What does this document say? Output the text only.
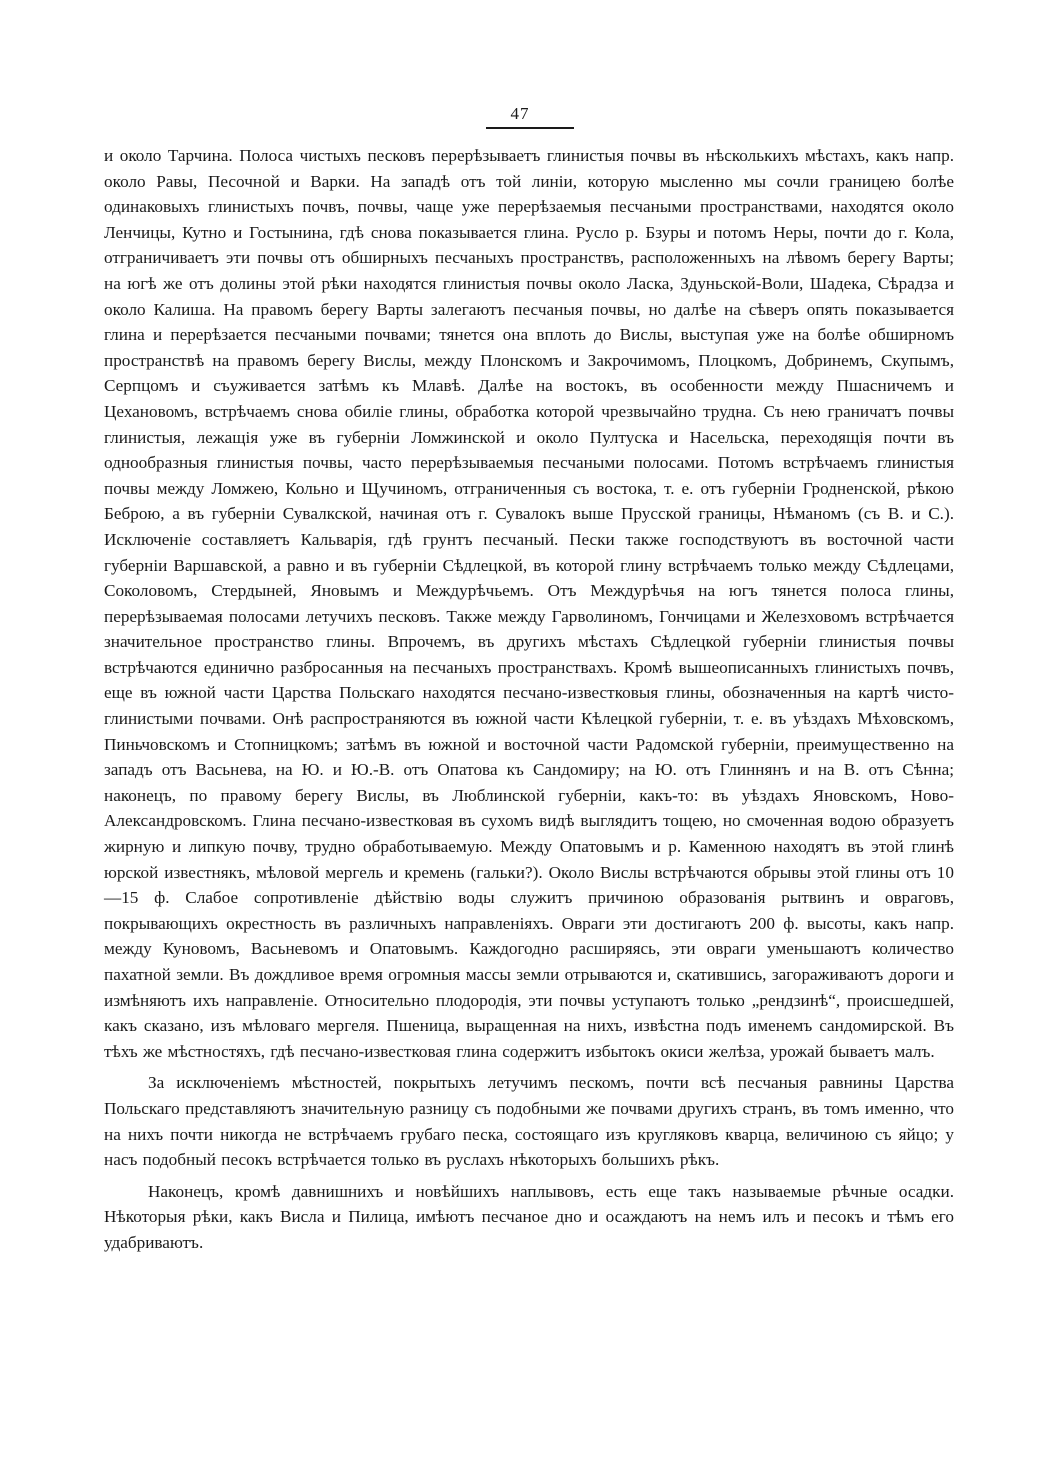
47

и около Тарчина. Полоса чистыхъ песковъ перерѣзываетъ глинистыя почвы въ нѣсколькихъ мѣстахъ, какъ напр. около Равы, Песочной и Варки. На западѣ отъ той линіи, которую мысленно мы сочли границею болѣе одинаковыхъ глинистыхъ почвъ, почвы, чаще уже перерѣзаемыя песчаными пространствами, находятся около Ленчицы, Кутно и Гостынина, гдѣ снова показывается глина. Русло р. Бзуры и потомъ Неры, почти до г. Кола, отграничиваетъ эти почвы отъ обширныхъ песчаныхъ пространствъ, расположенныхъ на лѣвомъ берегу Варты; на югѣ же отъ долины этой рѣки находятся глинистыя почвы около Ласка, Здуньской-Воли, Шадека, Сѣрадза и около Калиша. На правомъ берегу Варты залегаютъ песчаныя почвы, но далѣе на сѣверъ опять показывается глина и перерѣзается песчаными почвами; тянется она вплоть до Вислы, выступая уже на болѣе обширномъ пространствѣ на правомъ берегу Вислы, между Плонскомъ и Закрочимомъ, Плоцкомъ, Добринемъ, Скупымъ, Серпцомъ и съуживается затѣмъ къ Млавѣ. Далѣе на востокъ, въ особенности между Пшасничемъ и Цехановомъ, встрѣчаемъ снова обиліе глины, обработка которой чрезвычайно трудна. Съ нею граничатъ почвы глинистыя, лежащія уже въ губерніи Ломжинской и около Пултуска и Насельска, переходящія почти въ однообразныя глинистыя почвы, часто перерѣзываемыя песчаными полосами. Потомъ встрѣчаемъ глинистыя почвы между Ломжею, Кольно и Щучиномъ, отграниченныя съ востока, т. е. отъ губерніи Гродненской, рѣкою Беброю, а въ губерніи Сувалкской, начиная отъ г. Сувалокъ выше Прусской границы, Нѣманомъ (съ В. и С.). Исключеніе составляетъ Кальварія, гдѣ грунтъ песчаный. Пески также господствуютъ въ восточной части губерніи Варшавской, а равно и въ губерніи Сѣдлецкой, въ которой глину встрѣчаемъ только между Сѣдлецами, Соколовомъ, Стердыней, Яновымъ и Междурѣчьемъ. Отъ Междурѣчья на югъ тянется полоса глины, перерѣзываемая полосами летучихъ песковъ. Также между Гарволиномъ, Гончицами и Железховомъ встрѣчается значительное пространство глины. Впрочемъ, въ другихъ мѣстахъ Сѣдлецкой губерніи глинистыя почвы встрѣчаются единично разбросанныя на песчаныхъ пространствахъ. Кромѣ вышеописанныхъ глинистыхъ почвъ, еще въ южной части Царства Польскаго находятся песчано-известковыя глины, обозначенныя на картѣ чисто-глинистыми почвами. Онѣ распространяются въ южной части Кѣлецкой губерніи, т. е. въ уѣздахъ Мѣховскомъ, Пиньчовскомъ и Стопницкомъ; затѣмъ въ южной и восточной части Радомской губерніи, преимущественно на западъ отъ Васьнева, на Ю. и Ю.-В. отъ Опатова къ Сандомиру; на Ю. отъ Глиннянъ и на В. отъ Сѣнна; наконецъ, по правому берегу Вислы, въ Люблинской губерніи, какъ-то: въ уѣздахъ Яновскомъ, Ново-Александровскомъ. Глина песчано-известковая въ сухомъ видѣ выглядитъ тощею, но смоченная водою образуетъ жирную и липкую почву, трудно обработываемую. Между Опатовымъ и р. Каменною находятъ въ этой глинѣ юрской известнякъ, мѣловой мергель и кремень (гальки?). Около Вислы встрѣчаются обрывы этой глины отъ 10—15 ф. Слабое сопротивленіе дѣйствію воды служитъ причиною образованія рытвинъ и овраговъ, покрывающихъ окрестность въ различныхъ направленіяхъ. Овраги эти достигаютъ 200 ф. высоты, какъ напр. между Куновомъ, Васьневомъ и Опатовымъ. Каждогодно расширяясь, эти овраги уменьшаютъ количество пахатной земли. Въ дождливое время огромныя массы земли отрываются и, скатившись, загораживаютъ дороги и измѣняютъ ихъ направленіе. Относительно плодородія, эти почвы уступаютъ только „рендзинѣ“, происшедшей, какъ сказано, изъ мѣловаго мергеля. Пшеница, выращенная на нихъ, извѣстна подъ именемъ сандомирской. Въ тѣхъ же мѣстностяхъ, гдѣ песчано-известковая глина содержитъ избытокъ окиси желѣза, урожай бываетъ малъ.

За исключеніемъ мѣстностей, покрытыхъ летучимъ пескомъ, почти всѣ песчаныя равнины Царства Польскаго представляютъ значительную разницу съ подобными же почвами другихъ странъ, въ томъ именно, что на нихъ почти никогда не встрѣчаемъ грубаго песка, состоящаго изъ кругляковъ кварца, величиною съ яйцо; у насъ подобный песокъ встрѣчается только въ руслахъ нѣкоторыхъ большихъ рѣкъ.

Наконецъ, кромѣ давнишнихъ и новѣйшихъ наплывовъ, есть еще такъ называемые рѣчные осадки. Нѣкоторыя рѣки, какъ Висла и Пилица, имѣютъ песчаное дно и осаждаютъ на немъ илъ и песокъ и тѣмъ его удабриваютъ.
